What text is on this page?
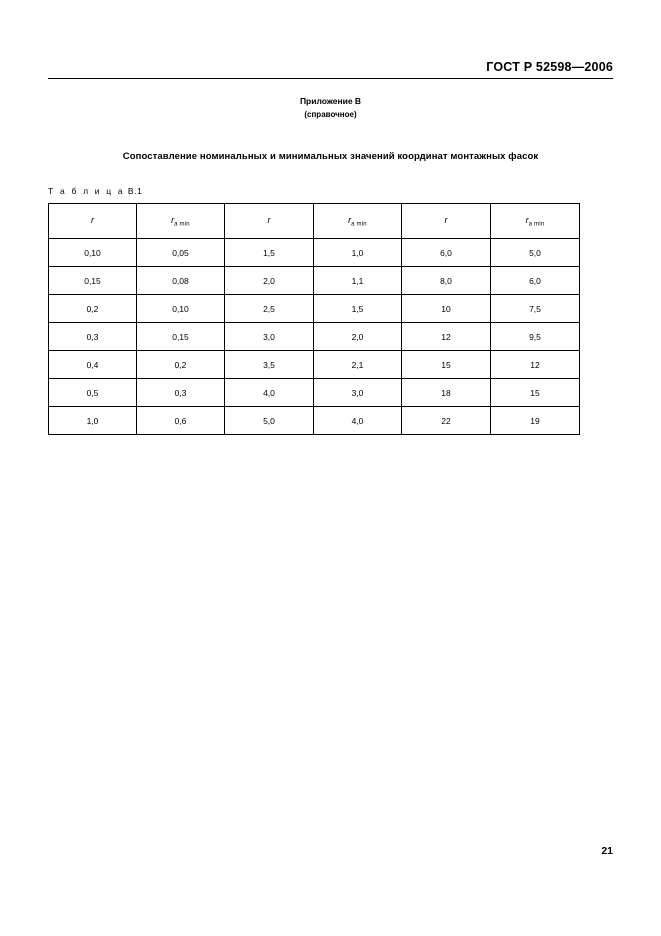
ГОСТ Р 52598—2006
Приложение В
(справочное)
Сопоставление номинальных и минимальных значений координат монтажных фасок
Т а б л и ц а В.1
r	$r_{a min}$	r	$r_{a min}$	r	$r_{a min}$
0,10	0,05	1,5	1,0	6,0	5,0
0,15	0,08	2,0	1,1	8,0	6,0
0,2	0,10	2,5	1,5	10	7,5
0,3	0,15	3,0	2,0	12	9,5
0,4	0,2	3,5	2,1	15	12
0,5	0,3	4,0	3,0	18	15
1,0	0,6	5,0	4,0	22	19
21
